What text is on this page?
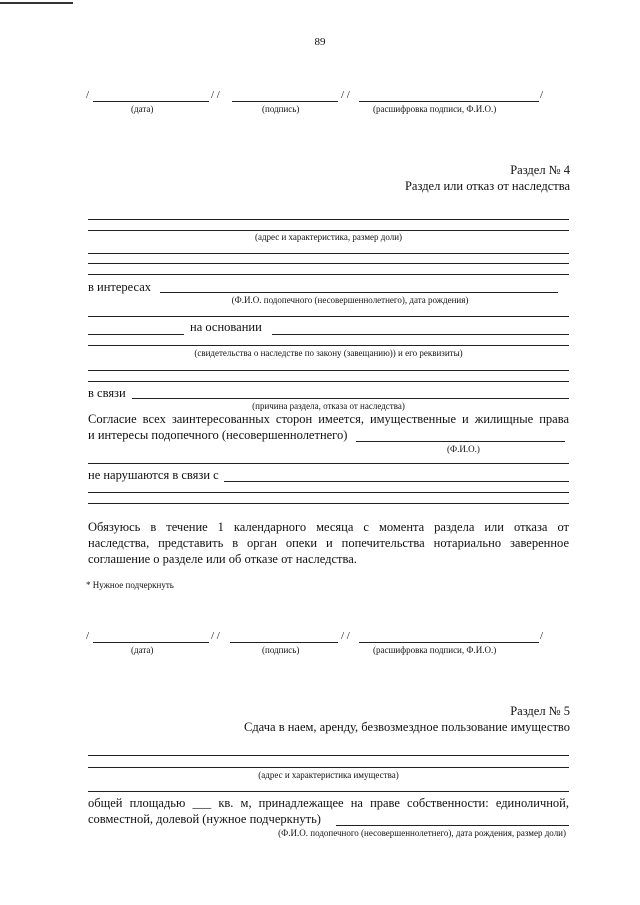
89
/	/ /	/ /	/
(дата)	(подпись)	(расшифровка подписи, Ф.И.О.)
Раздел № 4
Раздел или отказ от наследства
(адрес и характеристика, размер доли)
в интересах
(Ф.И.О. подопечного (несовершеннолетнего), дата рождения)
на основании
(свидетельства о наследстве по закону (завещанию)) и его реквизиты)
в связи
(причина раздела, отказа от наследства)
Согласие всех заинтересованных сторон имеется, имущественные и жилищные права
и интересы подопечного (несовершеннолетнего)
(Ф.И.О.)
не нарушаются в связи с
Обязуюсь в течение 1 календарного месяца с момента раздела или отказа от
наследства, представить в орган опеки и попечительства нотариально заверенное
соглашение о разделе или об отказе от наследства.
* Нужное подчеркнуть
/	/ /	/ /	/
(дата)	(подпись)	(расшифровка подписи, Ф.И.О.)
Раздел № 5
Сдача в наем, аренду, безвозмездное пользование имущество
(адрес и характеристика имущества)
общей площадью ___ кв. м, принадлежащее на праве собственности: единоличной,
совместной, долевой (нужное подчеркнуть)
(Ф.И.О. подопечного (несовершеннолетнего), дата рождения, размер доли)
